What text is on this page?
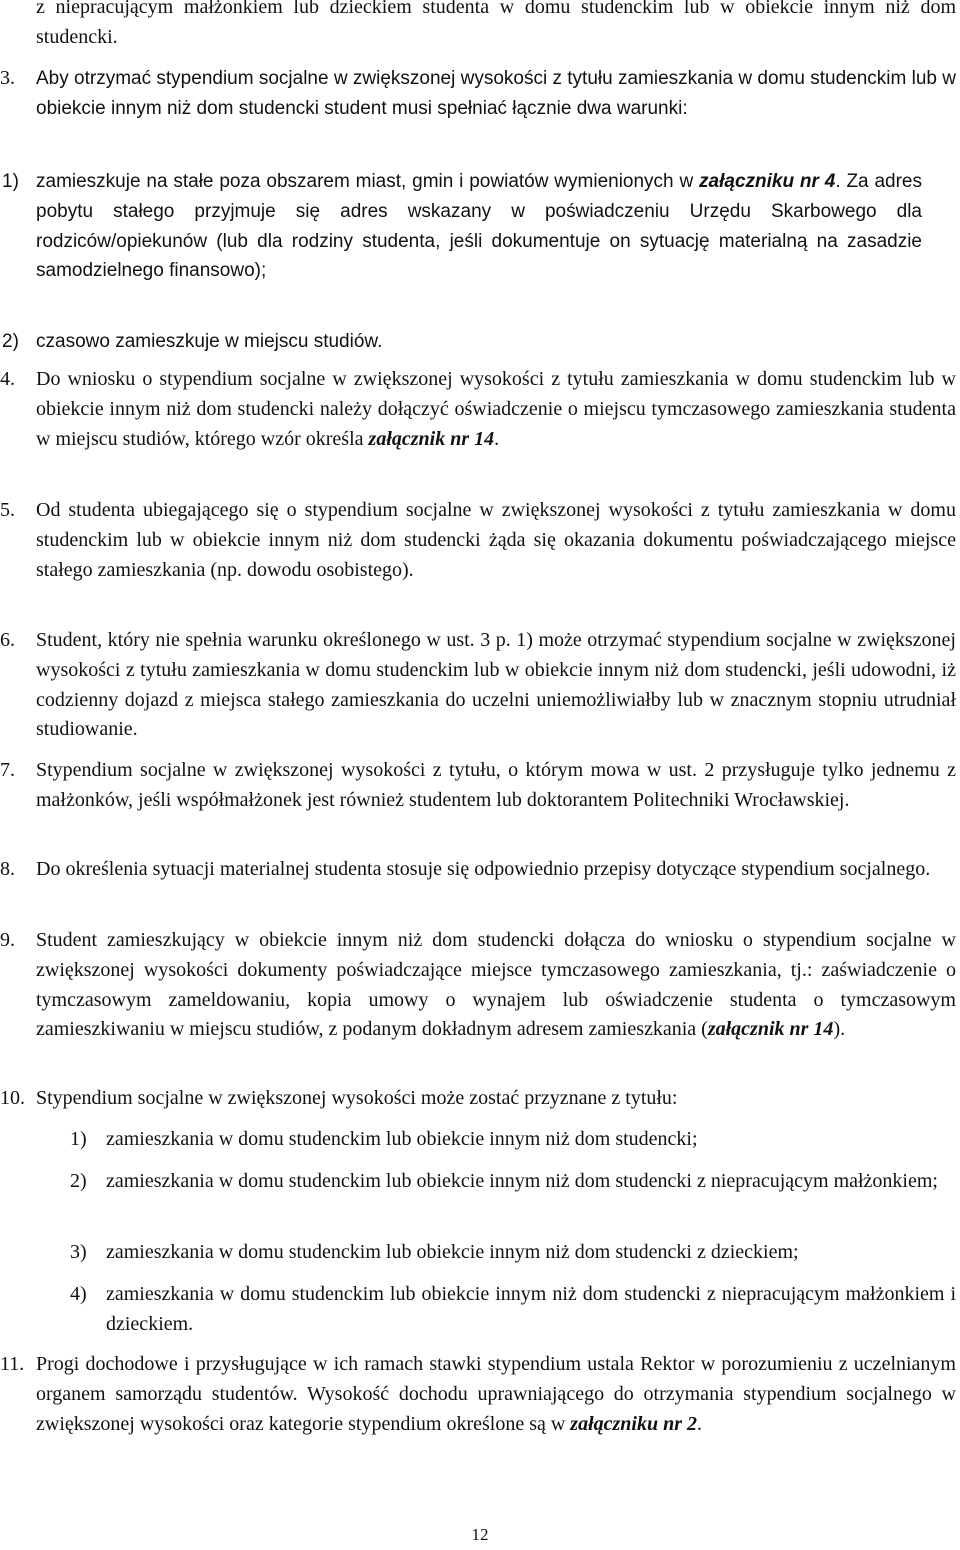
z niepracującym małżonkiem lub dzieckiem studenta w domu studenckim lub w obiekcie innym niż dom studencki.
3. Aby otrzymać stypendium socjalne w zwiększonej wysokości z tytułu zamieszkania w domu studenckim lub w obiekcie innym niż dom studencki student musi spełniać łącznie dwa warunki:
1) zamieszkuje na stałe poza obszarem miast, gmin i powiatów wymienionych w załączniku nr 4. Za adres pobytu stałego przyjmuje się adres wskazany w poświadczeniu Urzędu Skarbowego dla rodziców/opiekunów (lub dla rodziny studenta, jeśli dokumentuje on sytuację materialną na zasadzie samodzielnego finansowo);
2) czasowo zamieszkuje w miejscu studiów.
4. Do wniosku o stypendium socjalne w zwiększonej wysokości z tytułu zamieszkania w domu studenckim lub w obiekcie innym niż dom studencki należy dołączyć oświadczenie o miejscu tymczasowego zamieszkania studenta w miejscu studiów, którego wzór określa załącznik nr 14.
5. Od studenta ubiegającego się o stypendium socjalne w zwiększonej wysokości z tytułu zamieszkania w domu studenckim lub w obiekcie innym niż dom studencki żąda się okazania dokumentu poświadczającego miejsce stałego zamieszkania (np. dowodu osobistego).
6. Student, który nie spełnia warunku określonego w ust. 3 p. 1) może otrzymać stypendium socjalne w zwiększonej wysokości z tytułu zamieszkania w domu studenckim lub w obiekcie innym niż dom studencki, jeśli udowodni, iż codzienny dojazd z miejsca stałego zamieszkania do uczelni uniemożliwiałby lub w znacznym stopniu utrudniał studiowanie.
7. Stypendium socjalne w zwiększonej wysokości z tytułu, o którym mowa w ust. 2 przysługuje tylko jednemu z małżonków, jeśli współmałżonek jest również studentem lub doktorantem Politechniki Wrocławskiej.
8. Do określenia sytuacji materialnej studenta stosuje się odpowiednio przepisy dotyczące stypendium socjalnego.
9. Student zamieszkujący w obiekcie innym niż dom studencki dołącza do wniosku o stypendium socjalne w zwiększonej wysokości dokumenty poświadczające miejsce tymczasowego zamieszkania, tj.: zaświadczenie o tymczasowym zameldowaniu, kopia umowy o wynajem lub oświadczenie studenta o tymczasowym zamieszkiwaniu w miejscu studiów, z podanym dokładnym adresem zamieszkania (załącznik nr 14).
10. Stypendium socjalne w zwiększonej wysokości może zostać przyznane z tytułu:
1) zamieszkania w domu studenckim lub obiekcie innym niż dom studencki;
2) zamieszkania w domu studenckim lub obiekcie innym niż dom studencki z niepracującym małżonkiem;
3) zamieszkania w domu studenckim lub obiekcie innym niż dom studencki z dzieckiem;
4) zamieszkania w domu studenckim lub obiekcie innym niż dom studencki z niepracującym małżonkiem i dzieckiem.
11. Progi dochodowe i przysługujące w ich ramach stawki stypendium ustala Rektor w porozumieniu z uczelnianym organem samorządu studentów. Wysokość dochodu uprawniającego do otrzymania stypendium socjalnego w zwiększonej wysokości oraz kategorie stypendium określone są w załączniku nr 2.
12
